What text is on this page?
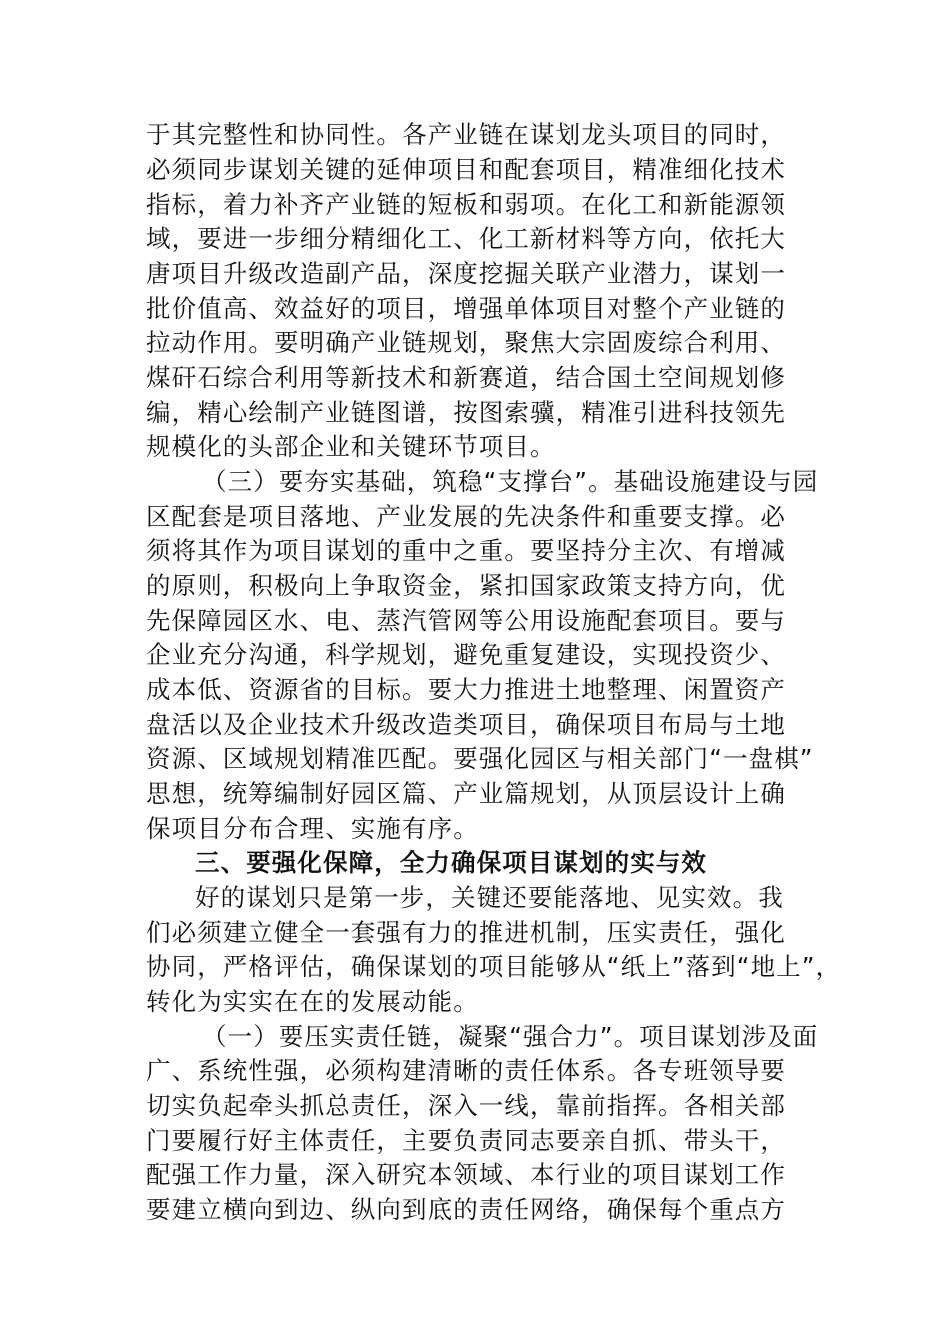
于其完整性和协同性。各产业链在谋划龙头项目的同时，
必须同步谋划关键的延伸项目和配套项目，精准细化技术
指标，着力补齐产业链的短板和弱项。在化工和新能源领
域，要进一步细分精细化工、化工新材料等方向，依托大
唐项目升级改造副产品，深度挖掘关联产业潜力，谋划一
批价值高、效益好的项目，增强单体项目对整个产业链的
拉动作用。要明确产业链规划，聚焦大宗固废综合利用、
煤矸石综合利用等新技术和新赛道，结合国土空间规划修
编，精心绘制产业链图谱，按图索骥，精准引进科技领先
规模化的头部企业和关键环节项目。
（三）要夯实基础，筑稳“支撑台”。基础设施建设与园
区配套是项目落地、产业发展的先决条件和重要支撑。必
须将其作为项目谋划的重中之重。要坚持分主次、有增减
的原则，积极向上争取资金，紧扣国家政策支持方向，优
先保障园区水、电、蒸汽管网等公用设施配套项目。要与
企业充分沟通，科学规划，避免重复建设，实现投资少、
成本低、资源省的目标。要大力推进土地整理、闲置资产
盘活以及企业技术升级改造类项目，确保项目布局与土地
资源、区域规划精准匹配。要强化园区与相关部门“一盘棋”
思想，统筹编制好园区篇、产业篇规划，从顶层设计上确
保项目分布合理、实施有序。
三、要强化保障，全力确保项目谋划的实与效
好的谋划只是第一步，关键还要能落地、见实效。我
们必须建立健全一套强有力的推进机制，压实责任，强化
协同，严格评估，确保谋划的项目能够从“纸上”落到“地上”，
转化为实实在在的发展动能。
（一）要压实责任链，凝聚“强合力”。项目谋划涉及面
广、系统性强，必须构建清晰的责任体系。各专班领导要
切实负起牵头抓总责任，深入一线，靠前指挥。各相关部
门要履行好主体责任，主要负责同志要亲自抓、带头干，
配强工作力量，深入研究本领域、本行业的项目谋划工作
要建立横向到边、纵向到底的责任网络，确保每个重点方
